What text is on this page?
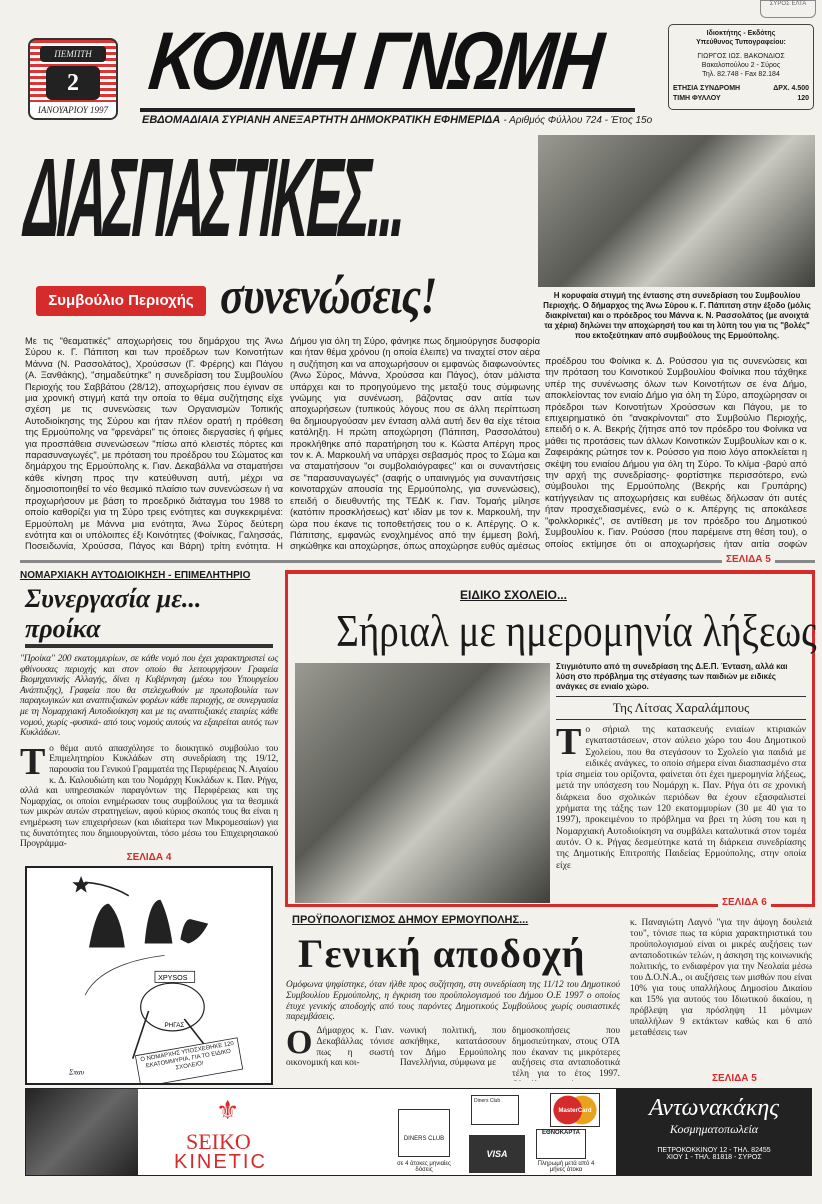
ΣΥΡΟΣ ΕΛΤΑ
ΠΕΜΠΤΗ
2
ΙΑΝΟΥΑΡΙΟΥ 1997
ΚΟΙΝΗ ΓΝΩΜΗ
ΕΒΔΟΜΑΔΙΑΙΑ ΣΥΡΙΑΝΗ ΑΝΕΞΑΡΤΗΤΗ ΔΗΜΟΚΡΑΤΙΚΗ ΕΦΗΜΕΡΙΔΑ - Αριθμός Φύλλου 724 - Έτος 15ο
Ιδιοκτήτης - Εκδότης
Υπεύθυνος Τυπογραφείου:
ΓΙΩΡΓΟΣ ΙΩΣ. ΒΑΚΟΝΔΙΟΣ
Βακαλοπούλου 2 - Σύρος
Τηλ. 82.748 - Fax 82.184
ΕΤΗΣΙΑ ΣΥΝΔΡΟΜΗ	ΔΡΧ. 4.500
ΤΙΜΗ ΦΥΛΛΟΥ	120
ΔΙΑΣΠΑΣΤΙΚΕΣ...
Συμβούλιο Περιοχής συνενώσεις!	Η κορυφαία στιγμή της έντασης στη συνεδρίαση του Συμβουλίου Περιοχής. Ο δήμαρχος της Άνω Σύρου κ. Γ. Πάπιτση στην έξοδο (μόλις διακρίνεται) και ο πρόεδρος του Μάννα κ. Ν. Ρασσολάτος (με ανοιχτά τα χέρια) δηλώνει την αποχώρησή του και τη λύπη του για τις "βολές" που εκτοξεύτηκαν από συμβούλους της Ερμούπολης.
Με τις "θεαματικές" αποχωρήσεις του δημάρχου της Άνω Σύρου κ. Γ. Πάπιτση και των προέδρων των Κοινοτήτων Μάννα (Ν. Ρασσολάτος), Χρούσσων (Γ. Φρέρης) και Πάγου (Α. Ξανθάκης), "σημαδεύτηκε" η συνεδρίαση του Συμβουλίου Περιοχής του Σαββάτου (28/12), αποχωρήσεις που έγιναν σε μια χρονική στιγμή κατά την οποία το θέμα συζήτησης είχε σχέση με τις συνενώσεις των Οργανισμών Τοπικής Αυτοδιοίκησης της Σύρου και ήταν πλέον ορατή η πρόθεση της Ερμούπολης να "φρενάρει" τις όποιες διεργασίες ή φήμες για προσπάθεια συνενώσεων "πίσω από κλειστές πόρτες και παρασυναγωγές", με πρόταση του προέδρου του Σώματος και δημάρχου της Ερμούπολης κ. Γιαν. Δεκαβάλλα να σταματήσει κάθε κίνηση προς την κατεύθυνση αυτή, μέχρι να δημοσιοποιηθεί το νέο θεσμικό πλαίσιο των συνενώσεων ή να προχωρήσουν με βάση το προεδρικό διάταγμα του 1988 το οποίο καθορίζει για τη Σύρο τρεις ενότητες και συγκεκριμένα: Ερμούπολη με Μάννα μια ενότητα, Άνω Σύρος δεύτερη ενότητα και οι υπόλοιπες έξι Κοινότητες (Φοίνικας, Γαλησσάς, Ποσειδωνία, Χρούσσα, Πάγος και Βάρη) τρίτη ενότητα. Η
Δήμου για όλη τη Σύρο, φάνηκε πως δημιούργησε δυσφορία και ήταν θέμα χρόνου (η οποία έλειπε) να τιναχτεί στον αέρα η συζήτηση και να αποχωρήσουν οι εμφανώς διαφωνούντες (Άνω Σύρος, Μάννα, Χρούσσα και Πάγος), όταν μάλιστα υπάρχει και το προηγούμενο της μεταξύ τους σύμφωνης γνώμης για συνένωση, βάζοντας σαν αιτία των αποχωρήσεων (τυπικούς λόγους που σε άλλη περίπτωση θα δημιουργούσαν μεν ένταση αλλά αυτή δεν θα είχε τέτοια κατάληξη. Η πρώτη αποχώρηση (Πάπιτση, Ρασσολάτου) προκλήθηκε από παρατήρηση του κ. Κώστα Απέργη προς τον κ. Α. Μαρκουλή να υπάρχει σεβασμός προς το Σώμα και να σταματήσουν "οι συμβολαιόγραφες" και οι συναντήσεις σε "παρασυναγωγές" (σαφής ο υπαινιγμός για συναντήσεις κοινοταρχών απουσία της Ερμούπολης, για συνενώσεις), επειδή ο διευθυντής της ΤΕΔΚ κ. Γιαν. Τομαής μίλησε (κατόπιν προσκλήσεως) κατ' ιδίαν με τον κ. Μαρκουλή, την ώρα που έκανε τις τοποθετήσεις του ο κ. Απέργης. Ο κ. Πάπιτσης, εμφανώς ενοχλημένος από την έμμεση βολή, σηκώθηκε και αποχώρησε, όπως αποχώρησε ευθύς αμέσως
προέδρου του Φοίνικα κ. Δ. Ρούσσου για τις συνενώσεις και την πρόταση του Κοινοτικού Συμβουλίου Φοίνικα που τάχθηκε υπέρ της συνένωσης όλων των Κοινοτήτων σε ένα Δήμο, αποκλείοντας τον ενιαίο Δήμο για όλη τη Σύρο, αποχώρησαν οι πρόεδροι των Κοινοτήτων Χρούσσων και Πάγου, με το επιχειρηματικό ότι "ανακρίνονται" στο Συμβούλιο Περιοχής, επειδή ο κ. Α. Βεκρής ζήτησε από τον πρόεδρο του Φοίνικα να μάθει τις προτάσεις των άλλων Κοινοτικών Συμβουλίων και ο κ. Ζαφειράκης ρώτησε τον κ. Ρούσσο για ποιο λόγο αποκλείεται η σκέψη του ενιαίου Δήμου για όλη τη Σύρο. Το κλίμα -βαρύ από την αρχή της συνεδρίασης- φορτίστηκε περισσότερο, ενώ σύμβουλοι της Ερμούπολης (Βεκρής και Γρυπάρης) κατήγγειλαν τις αποχωρήσεις και ευθέως δήλωσαν ότι αυτές ήταν προσχεδιασμένες, ενώ ο κ. Απέργης τις αποκάλεσε "φολκλορικές", σε αντίθεση με τον πρόεδρο του Δημοτικού Συμβουλίου κ. Γιαν. Ρούσσο (που παρέμεινε στη θέση του), ο οποίος εκτίμησε ότι οι αποχωρήσεις ήταν αιτία σοφών
ΣΕΛΙΔΑ 5
ΝΟΜΑΡΧΙΑΚΗ ΑΥΤΟΔΙΟΙΚΗΣΗ - ΕΠΙΜΕΛΗΤΗΡΙΟ
Συνεργασία με... προίκα
"Προίκα" 200 εκατομμυρίων, σε κάθε νομό που έχει χαρακτηριστεί ως φθίνουσας περιοχής και στον οποίο θα λειτουργήσουν Γραφεία Βιομηχανικής Αλλαγής, δίνει η Κυβέρνηση (μέσω του Υπουργείου Ανάπτυξης), Γραφεία που θα στελεχωθούν με πρωτοβουλία των παραγωγικών και αναπτυξιακών φορέων κάθε περιοχής, σε συνεργασία με τη Νομαρχιακή Αυτοδιοίκηση και με τις αναπτυξιακές εταιρίες κάθε νομού, χωρίς -φυσικά- από τους νομούς αυτούς να εξαιρείται αυτός των Κυκλάδων.
Το θέμα αυτό απασχόλησε το διοικητικό συμβούλιο του Επιμελητηρίου Κυκλάδων στη συνεδρίαση της 19/12, παρουσία του Γενικού Γραμματέα της Περιφέρειας Ν. Αιγαίου κ. Δ. Καλουδιώτη και του Νομάρχη Κυκλάδων κ. Παν. Ρήγα, αλλά και υπηρεσιακών παραγόντων της Περιφέρειας και της Νομαρχίας, οι οποίοι ενημέρωσαν τους συμβούλους για τα θεσμικά των μικρών αυτών στρατηγείων, αφού κύριος σκοπός τους θα είναι η ενημέρωση των επιχειρήσεων (και ιδιαίτερα των Μικρομεσαίων) για τις δυνατότητες που δημιουργούνται, τόσο μέσω του Επιχειρησιακού Προγράμμα-
ΣΕΛΙΔΑ 4
XPYSOS
ΡΗΓΑΣ
Ο ΝΟΜΑΡΧΗΣ ΥΠΟΣΧΕΘΗΚΕ 120 ΕΚΑΤΟΜΜΥΡΙΑ, ΓΙΑ ΤΟ ΕΙΔΙΚΟ ΣΧΟΛΕΙΟ!
Σπαυ
ΕΙΔΙΚΟ ΣΧΟΛΕΙΟ...
Σήριαλ με ημερομηνία λήξεως
Στιγμιότυπο από τη συνεδρίαση της Δ.Ε.Π. Ένταση, αλλά και λύση στο πρόβλημα της στέγασης των παιδιών με ειδικές ανάγκες σε ενιαίο χώρο.
Της Λίτσας Χαραλάμπους
Το σήριαλ της κατασκευής ενιαίων κτιριακών εγκαταστάσεων, στον αύλειο χώρο του 4ου Δημοτικού Σχολείου, που θα στεγάσουν το Σχολείο για παιδιά με ειδικές ανάγκες, το οποίο σήμερα είναι διασπασμένο στα τρία σημεία του ορίζοντα, φαίνεται ότι έχει ημερομηνία λήξεως, μετά την υπόσχεση του Νομάρχη κ. Παν. Ρήγα ότι σε χρονική διάρκεια δυο σχολικών περιόδων θα έχουν εξασφαλιστεί χρήματα της τάξης των 120 εκατομμυρίων (30 με 40 για το 1997), προκειμένου το πρόβλημα να βρει τη λύση του και η Νομαρχιακή Αυτοδιοίκηση να συμβάλει καταλυτικά στον τομέα αυτόν. Ο κ. Ρήγας δεσμεύτηκε κατά τη διάρκεια συνεδρίασης της Δημοτικής Επιτροπής Παιδείας Ερμούπολης, στην οποία είχε
ΣΕΛΙΔΑ 6
ΠΡΟΫΠΟΛΟΓΙΣΜΟΣ ΔΗΜΟΥ ΕΡΜΟΥΠΟΛΗΣ...
Γενική αποδοχή
Ομόφωνα ψηφίστηκε, όταν ήλθε προς συζήτηση, στη συνεδρίαση της 11/12 του Δημοτικού Συμβουλίου Ερμούπολης, η έγκριση του προϋπολογισμού του Δήμου Ο.Ε 1997 ο οποίος έτυχε γενικής αποδοχής από τους παρόντες Δημοτικούς Συμβούλους χωρίς ουσιαστικές παρεμβάσεις.
Ο Δήμαρχος κ. Γιαν. Δεκαβάλλας τόνισε πως η σωστή οικονομική και κοι-
νωνική πολιτική, που ασκήθηκε, κατατάσσουν τον Δήμο Ερμούπολης Πανελλήνια, σύμφωνα με
δημοσκοπήσεις που δημοσιεύτηκαν, στους ΟΤΑ που έκαναν τις μικρότερες αυξήσεις στα ανταποδοτικά τέλη για το έτος 1997.
κ. Παναγιώτη Λαγνό "για την άψογη δουλειά του", τόνισε πως τα κύρια χαρακτηριστικά του προϋπολογισμού είναι οι μικρές αυξήσεις των ανταποδοτικών τελών, η άσκηση της κοινωνικής πολιτικής, το ενδιαφέρον για την Νεολαία μέσω του Δ.Ο.Ν.Α., οι αυξήσεις των μισθών που είναι 10% για τους υπαλλήλους Δημοσίου Δικαίου και 15% για αυτούς του Ιδιωτικού δικαίου, η πρόβλεψη για πρόσληψη 11 μόνιμων υπαλλήλων 9 εκτάκτων καθώς και 6 από μεταθέσεις των
ΣΕΛΙΔΑ 5
⚜
SEIKO
KINETIC
DINERS CLUB
σε 4 άτοκες μηνιαίες δόσεις
Diners Club
VISA
MasterCard
ΕΘΝΟΚΑΡΤΑ
Πληρωμή μετά από 4 μήνες άτοκα
Αντωνακάκης
Κοσμηματοπωλεία
ΠΕΤΡΟΚΟΚΚΙΝΟΥ 12 - ΤΗΛ. 82455
ΧΙΟΥ 1 - ΤΗΛ. 81818 - ΣΥΡΟΣ
